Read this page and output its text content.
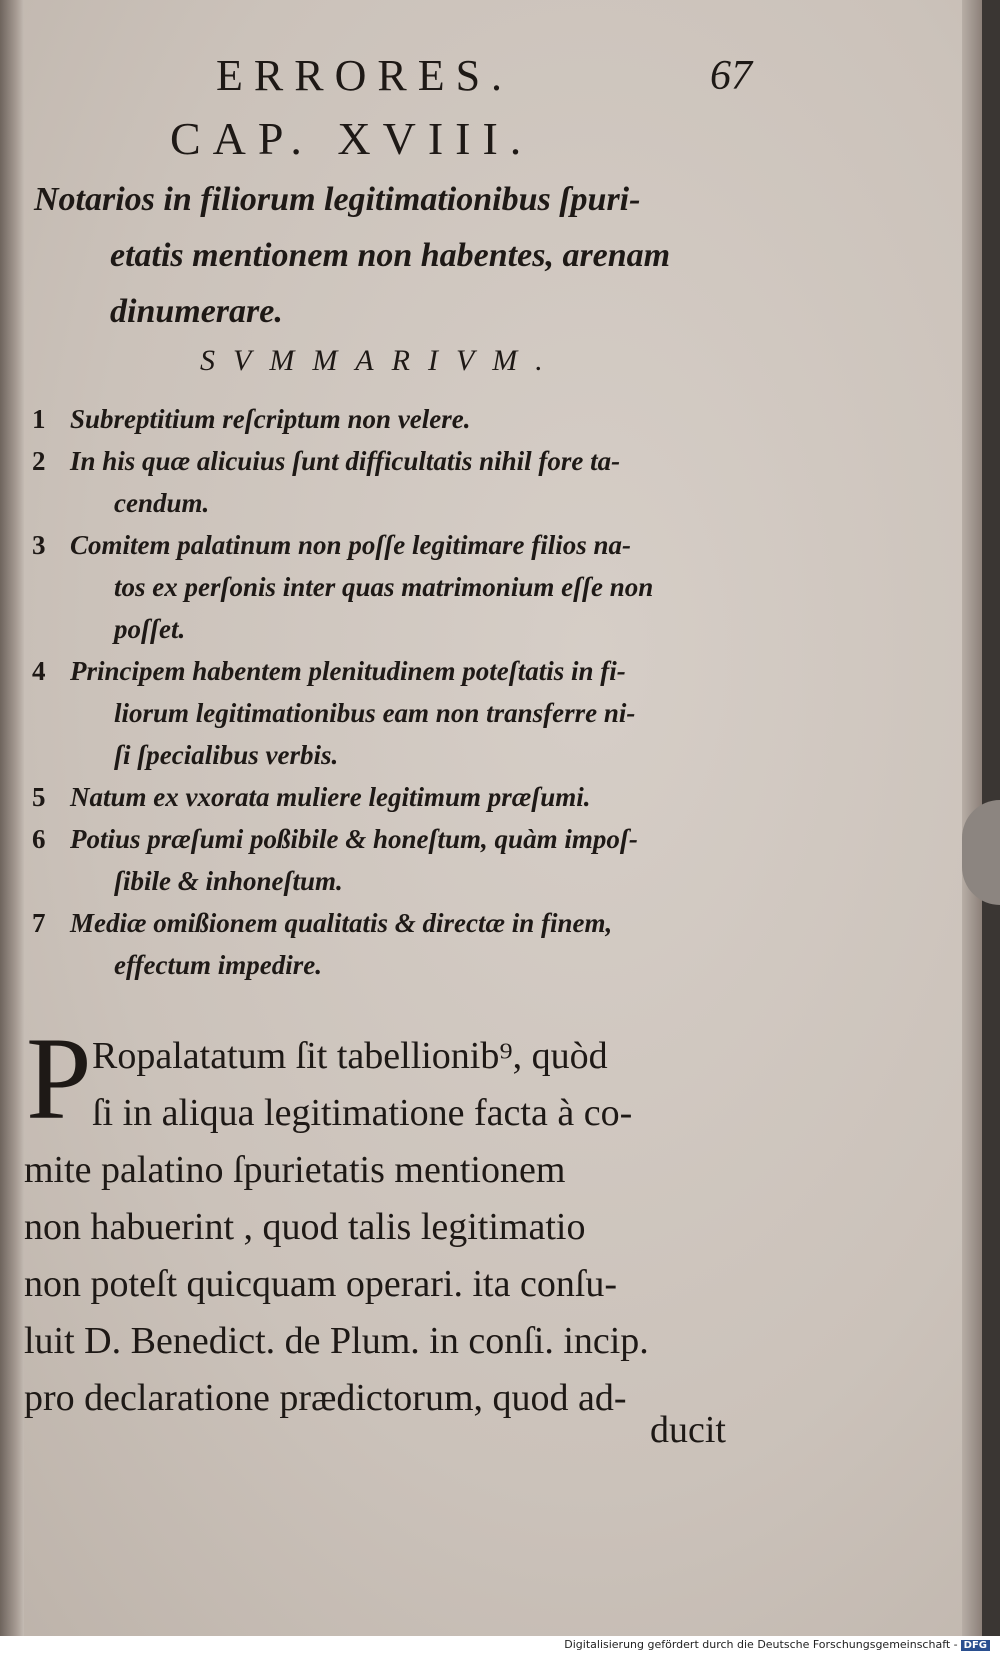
ERRORES.	67
CAP. XVIII.
Notarios in filiorum legitimationibus ſpuri-
etatis mentionem non habentes, arenam
dinumerare.
SVMMARIVM.
1 Subreptitium reſcriptum non velere.
2 In his quæ alicuius ſunt difficultatis nihil fore ta-
cendum.
3 Comitem palatinum non poſſe legitimare filios na-
tos ex perſonis inter quas matrimonium eſſe non
poſſet.
4 Principem habentem plenitudinem poteſtatis in fi-
liorum legitimationibus eam non transferre ni-
ſi ſpecialibus verbis.
5 Natum ex vxorata muliere legitimum præſumi.
6 Potius præſumi poßibile & honeſtum, quàm impoſ-
ſibile & inhoneſtum.
7 Mediæ omißionem qualitatis & directæ in finem,
effectum impedire.
P Ropalatatum ſit tabellionib⁹, quòd
ſi in aliqua legitimatione facta à co-
mite palatino ſpurietatis mentionem
non habuerint , quod talis legitimatio
non poteſt quicquam operari. ita conſu-
luit D. Benedict. de Plum. in conſi. incip.
pro declaratione prædictorum, quod ad-
ducit
Digitalisierung gefördert durch die Deutsche Forschungsgemeinschaft - DFG
